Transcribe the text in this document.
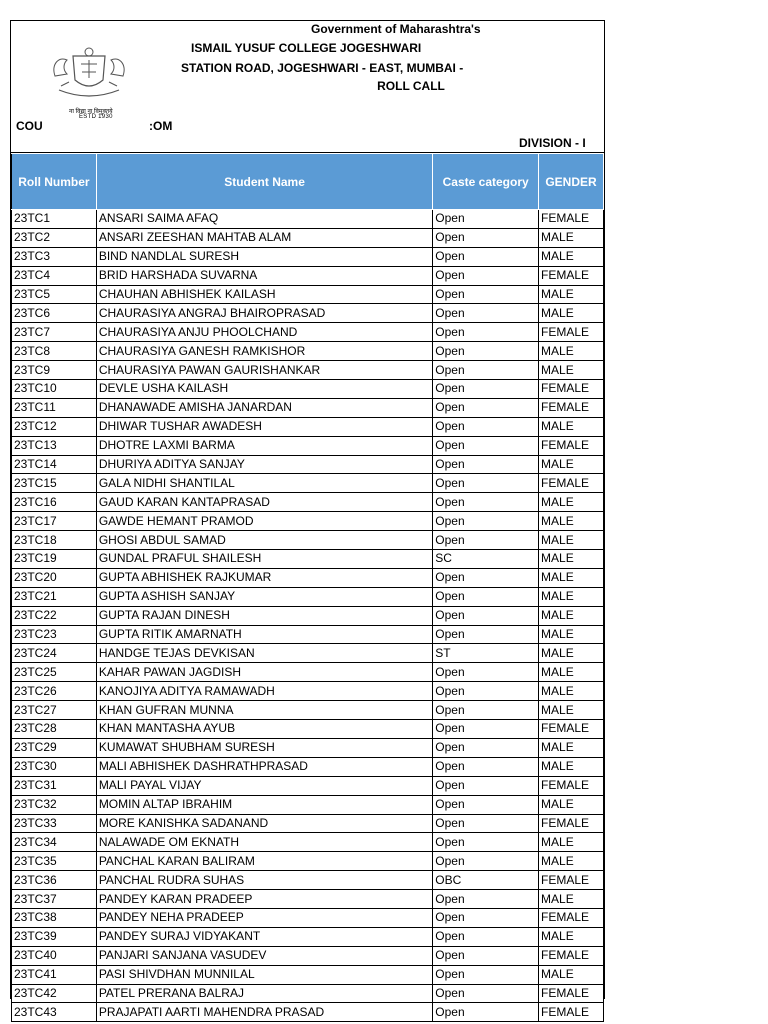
Government of Maharashtra's
ISMAIL YUSUF COLLEGE JOGESHWARI
STATION ROAD, JOGESHWARI - EAST, MUMBAI -
ROLL CALL
ना विद्या ना विमुक्तये
ESTD 1930
COU	:OM
DIVISION - I
Roll Number	Student Name	Caste category	GENDER
23TC1	ANSARI SAIMA AFAQ	Open	FEMALE
23TC2	ANSARI ZEESHAN MAHTAB ALAM	Open	MALE
23TC3	BIND NANDLAL SURESH	Open	MALE
23TC4	BRID HARSHADA SUVARNA	Open	FEMALE
23TC5	CHAUHAN ABHISHEK KAILASH	Open	MALE
23TC6	CHAURASIYA ANGRAJ BHAIROPRASAD	Open	MALE
23TC7	CHAURASIYA ANJU PHOOLCHAND	Open	FEMALE
23TC8	CHAURASIYA GANESH RAMKISHOR	Open	MALE
23TC9	CHAURASIYA PAWAN GAURISHANKAR	Open	MALE
23TC10	DEVLE USHA KAILASH	Open	FEMALE
23TC11	DHANAWADE AMISHA JANARDAN	Open	FEMALE
23TC12	DHIWAR TUSHAR AWADESH	Open	MALE
23TC13	DHOTRE LAXMI BARMA	Open	FEMALE
23TC14	DHURIYA ADITYA SANJAY	Open	MALE
23TC15	GALA NIDHI SHANTILAL	Open	FEMALE
23TC16	GAUD KARAN KANTAPRASAD	Open	MALE
23TC17	GAWDE HEMANT PRAMOD	Open	MALE
23TC18	GHOSI ABDUL SAMAD	Open	MALE
23TC19	GUNDAL PRAFUL SHAILESH	SC	MALE
23TC20	GUPTA ABHISHEK RAJKUMAR	Open	MALE
23TC21	GUPTA ASHISH SANJAY	Open	MALE
23TC22	GUPTA RAJAN DINESH	Open	MALE
23TC23	GUPTA RITIK AMARNATH	Open	MALE
23TC24	HANDGE TEJAS DEVKISAN	ST	MALE
23TC25	KAHAR PAWAN JAGDISH	Open	MALE
23TC26	KANOJIYA ADITYA RAMAWADH	Open	MALE
23TC27	KHAN GUFRAN MUNNA	Open	MALE
23TC28	KHAN MANTASHA AYUB	Open	FEMALE
23TC29	KUMAWAT SHUBHAM SURESH	Open	MALE
23TC30	MALI ABHISHEK DASHRATHPRASAD	Open	MALE
23TC31	MALI PAYAL VIJAY	Open	FEMALE
23TC32	MOMIN ALTAP IBRAHIM	Open	MALE
23TC33	MORE KANISHKA SADANAND	Open	FEMALE
23TC34	NALAWADE OM EKNATH	Open	MALE
23TC35	PANCHAL KARAN BALIRAM	Open	MALE
23TC36	PANCHAL RUDRA SUHAS	OBC	FEMALE
23TC37	PANDEY KARAN PRADEEP	Open	MALE
23TC38	PANDEY NEHA PRADEEP	Open	FEMALE
23TC39	PANDEY SURAJ VIDYAKANT	Open	MALE
23TC40	PANJARI SANJANA VASUDEV	Open	FEMALE
23TC41	PASI SHIVDHAN MUNNILAL	Open	MALE
23TC42	PATEL PRERANA BALRAJ	Open	FEMALE
23TC43	PRAJAPATI AARTI MAHENDRA PRASAD	Open	FEMALE
